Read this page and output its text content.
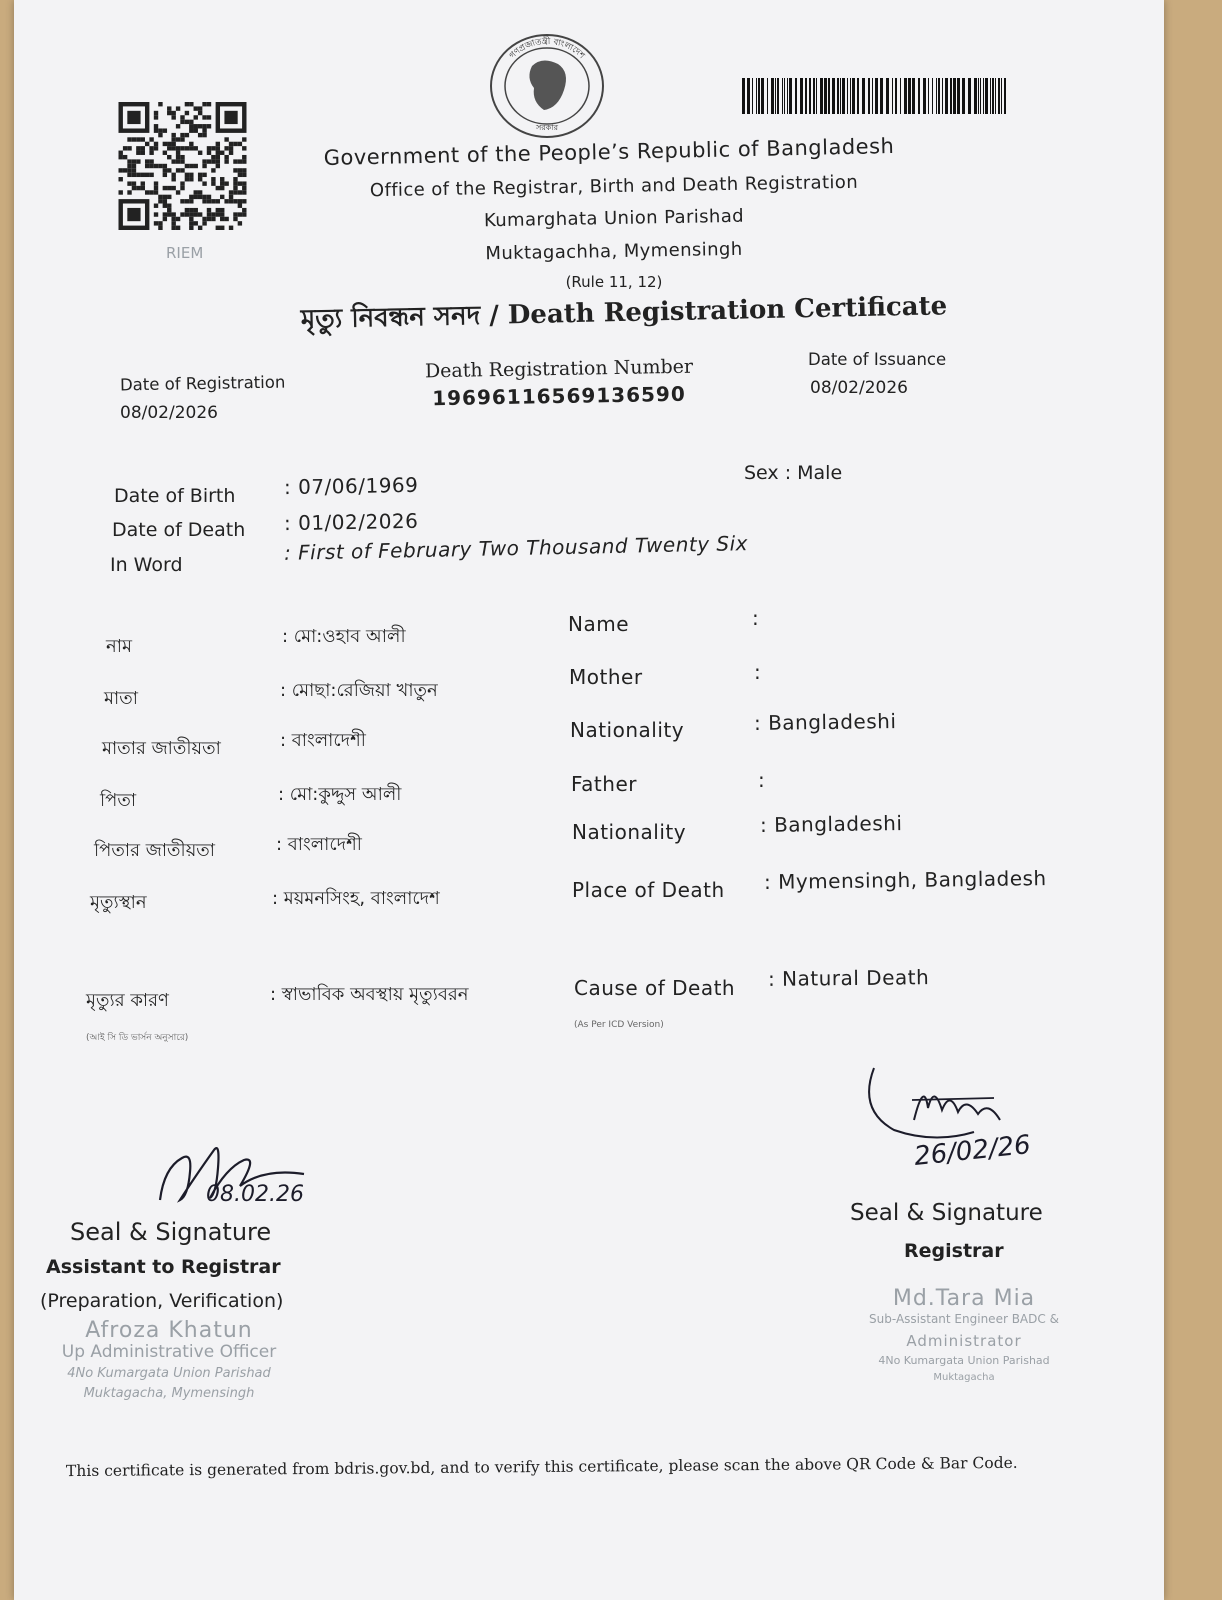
RIEM
গণপ্রজাতন্ত্রী বাংলাদেশ
সরকার
Government of the People’s Republic of Bangladesh
Office of the Registrar, Birth and Death Registration
Kumarghata Union Parishad
Muktagachha, Mymensingh
(Rule 11, 12)
মৃত্যু নিবন্ধন সনদ / Death Registration Certificate
Date of Registration
08/02/2026
Death Registration Number
19696116569136590
Date of Issuance
08/02/2026
Date of Birth : 07/06/1969
Date of Death : 01/02/2026
In Word
: First of February Two Thousand Twenty Six
Sex : Male
নাম	: মো:ওহাব আলী
মাতা	: মোছা:রেজিয়া খাতুন
মাতার জাতীয়তা	: বাংলাদেশী
পিতা	: মো:কুদ্দুস আলী
পিতার জাতীয়তা	: বাংলাদেশী
মৃত্যুস্থান	: ময়মনসিংহ, বাংলাদেশ
মৃত্যুর কারণ	: স্বাভাবিক অবস্থায় মৃত্যুবরন
(আই সি ডি ভার্সন অনুসারে)
Name	:
Mother	:
Nationality	: Bangladeshi
Father	:
Nationality	: Bangladeshi
Place of Death : Mymensingh, Bangladesh
Cause of Death : Natural Death
(As Per ICD Version)
08.02.26
Seal & Signature
Assistant to Registrar
(Preparation, Verification)
Afroza Khatun
Up Administrative Officer
4No Kumargata Union Parishad
Muktagacha, Mymensingh
26/02/26
Seal & Signature
Registrar
Md.Tara Mia
Sub-Assistant Engineer BADC &
Administrator
4No Kumargata Union Parishad
Muktagacha
This certificate is generated from bdris.gov.bd, and to verify this certificate, please scan the above QR Code & Bar Code.
